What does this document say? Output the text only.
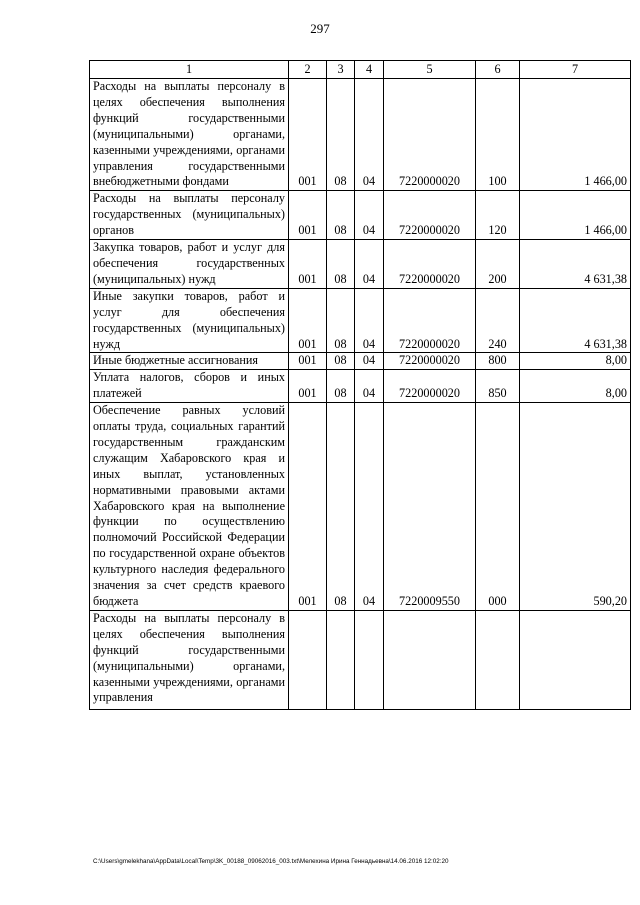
297
1	2	3	4	5	6	7
Расходы на выплаты персоналу в целях обеспечения выполнения функций государственными (муниципальными) органами, казенными учреждениями, органами управления государственными внебюджетными фондами	001	08	04	7220000020	100	1 466,00
Расходы на выплаты персоналу государственных (муниципальных) органов	001	08	04	7220000020	120	1 466,00
Закупка товаров, работ и услуг для обеспечения государственных (муниципальных) нужд	001	08	04	7220000020	200	4 631,38
Иные закупки товаров, работ и услуг для обеспечения государственных (муниципальных) нужд	001	08	04	7220000020	240	4 631,38
Иные бюджетные ассигнования	001	08	04	7220000020	800	8,00
Уплата налогов, сборов и иных платежей	001	08	04	7220000020	850	8,00
Обеспечение равных условий оплаты труда, социальных гарантий государственным гражданским служащим Хабаровского края и иных выплат, установленных нормативными правовыми актами Хабаровского края на выполнение функции по осуществлению полномочий Российской Федерации по государственной охране объектов культурного наследия федерального значения за счет средств краевого бюджета	001	08	04	7220009550	000	590,20
Расходы на выплаты персоналу в целях обеспечения выполнения функций государственными (муниципальными) органами, казенными учреждениями, органами управления						
C:\Users\gmelekhana\AppData\Local\Temp\3K_00188_09062016_003.txt\Мелехина Ирина Геннадьевна\14.06.2016 12:02:20
